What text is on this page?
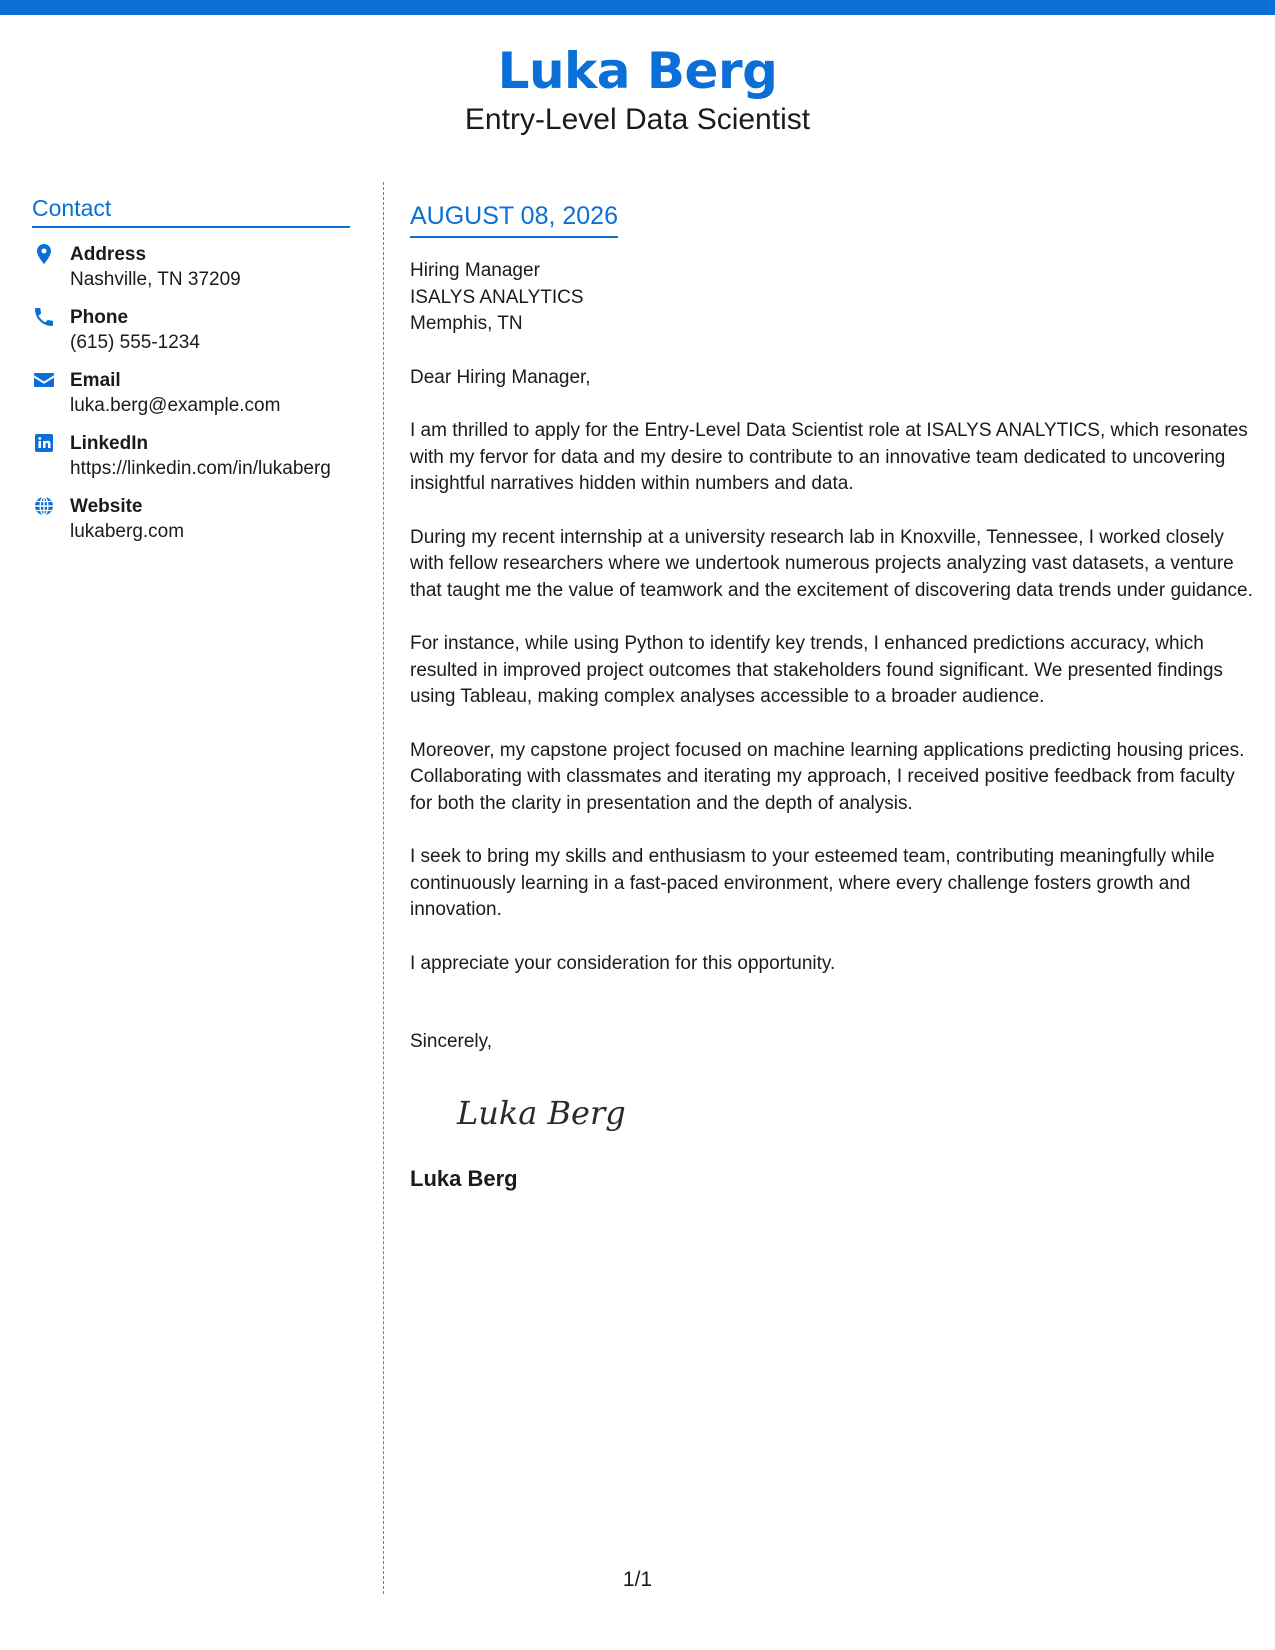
Luka Berg
Entry-Level Data Scientist
Contact
Address
Nashville, TN 37209
Phone
(615) 555-1234
Email
luka.berg@example.com
LinkedIn
https://linkedin.com/in/lukaberg
Website
lukaberg.com
AUGUST 08, 2026
Hiring Manager
ISALYS ANALYTICS
Memphis, TN
Dear Hiring Manager,
I am thrilled to apply for the Entry-Level Data Scientist role at ISALYS ANALYTICS, which resonates with my fervor for data and my desire to contribute to an innovative team dedicated to uncovering insightful narratives hidden within numbers and data.
During my recent internship at a university research lab in Knoxville, Tennessee, I worked closely with fellow researchers where we undertook numerous projects analyzing vast datasets, a venture that taught me the value of teamwork and the excitement of discovering data trends under guidance.
For instance, while using Python to identify key trends, I enhanced predictions accuracy, which resulted in improved project outcomes that stakeholders found significant. We presented findings using Tableau, making complex analyses accessible to a broader audience.
Moreover, my capstone project focused on machine learning applications predicting housing prices. Collaborating with classmates and iterating my approach, I received positive feedback from faculty for both the clarity in presentation and the depth of analysis.
I seek to bring my skills and enthusiasm to your esteemed team, contributing meaningfully while continuously learning in a fast-paced environment, where every challenge fosters growth and innovation.
I appreciate your consideration for this opportunity.
Sincerely,
Luka Berg
Luka Berg
1/1
